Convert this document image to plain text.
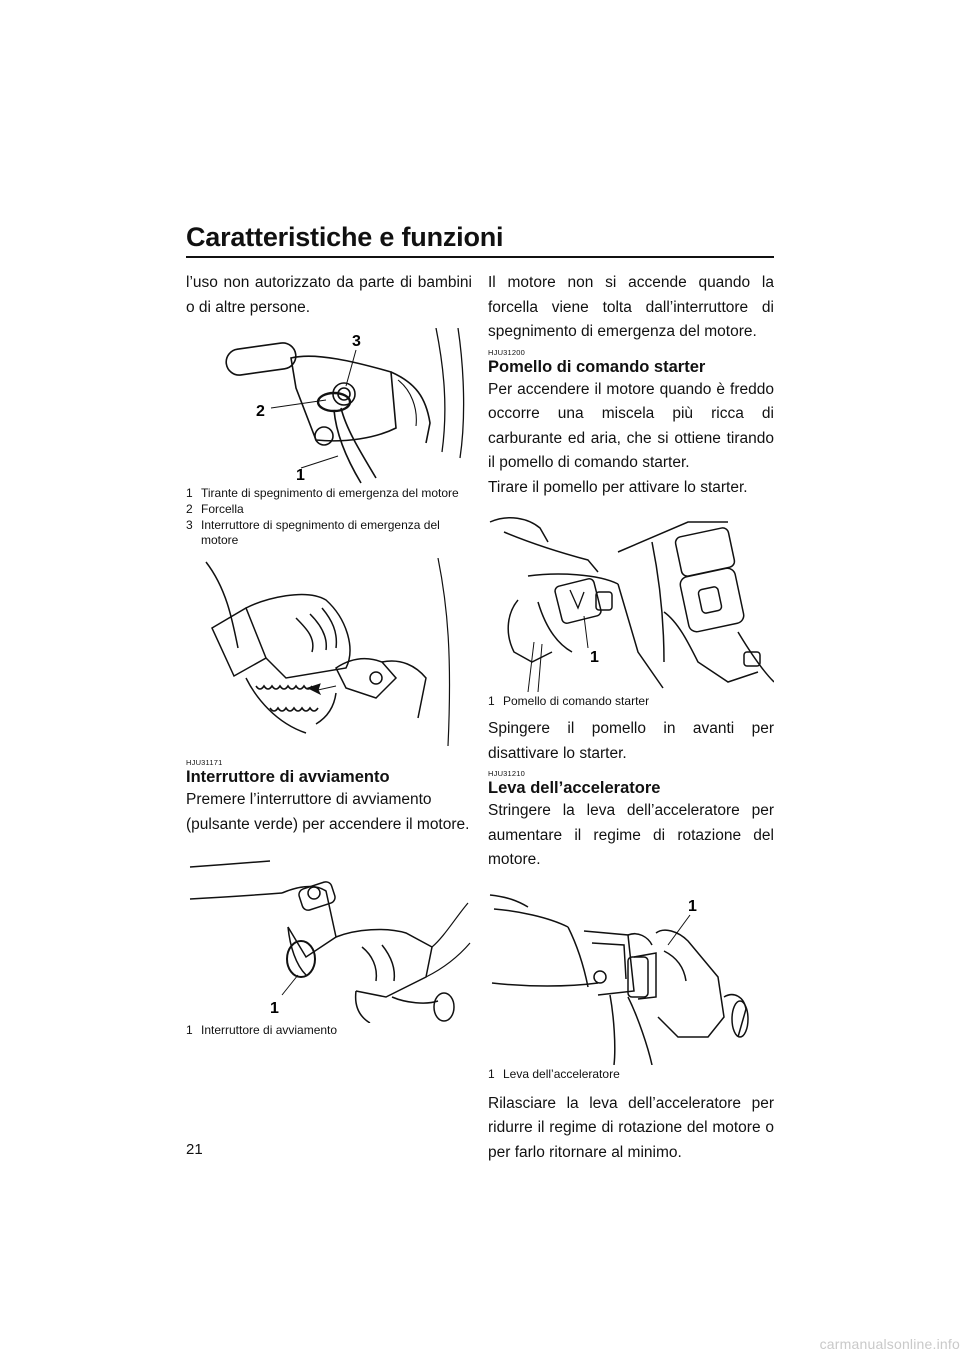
Caratteristiche e funzioni

l’uso non autorizzato da parte di bambini o di altre persone.

3
2
1
1 Tirante di spegnimento di emergenza del motore
2 Forcella
3 Interruttore di spegnimento di emergenza del motore

HJU31171

Interruttore di avviamento

Premere l’interruttore di avviamento (pulsante verde) per accendere il motore.

1
1 Interruttore di avviamento

Il motore non si accende quando la forcella viene tolta dall’interruttore di spegnimento di emergenza del motore.

HJU31200

Pomello di comando starter

Per accendere il motore quando è freddo occorre una miscela più ricca di carburante ed aria, che si ottiene tirando il pomello di comando starter.

Tirare il pomello per attivare lo starter.

1
1 Pomello di comando starter

Spingere il pomello in avanti per disattivare lo starter.

HJU31210

Leva dell’acceleratore

Stringere la leva dell’acceleratore per aumentare il regime di rotazione del motore.

1
1 Leva dell’acceleratore

Rilasciare la leva dell’acceleratore per ridurre il regime di rotazione del motore o per farlo ritornare al minimo.

21
carmanualsonline.info
